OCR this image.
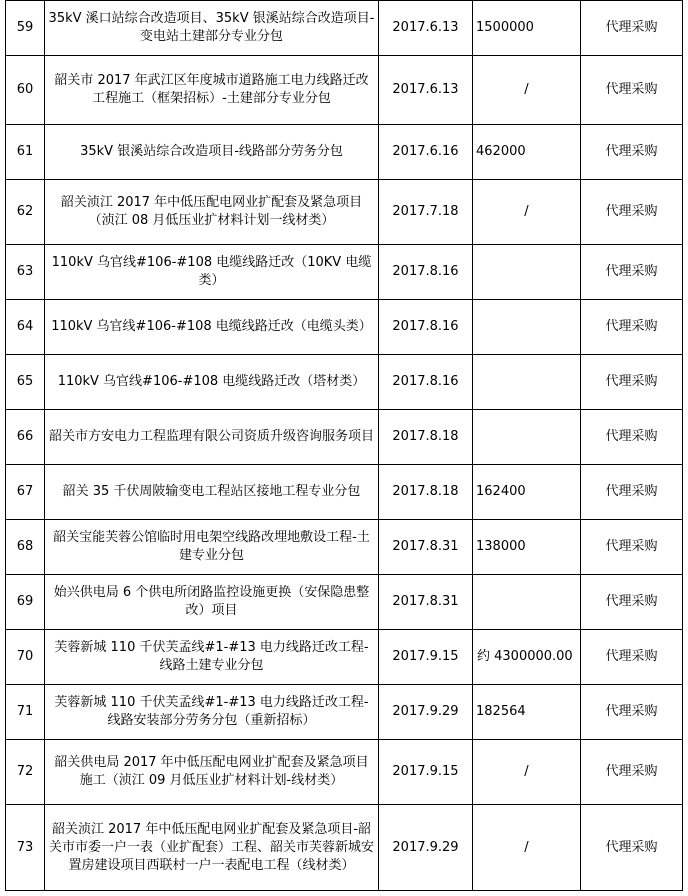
59	35kV 溪口站综合改造项目、35kV 银溪站综合改造项目-变电站土建部分专业分包	2017.6.13	1500000	代理采购
60	韶关市 2017 年武江区年度城市道路施工电力线路迁改工程施工（框架招标）-土建部分专业分包	2017.6.13	/	代理采购
61	35kV 银溪站综合改造项目-线路部分劳务分包	2017.6.16	462000	代理采购
62	韶关浈江 2017 年中低压配电网业扩配套及紧急项目（浈江 08 月低压业扩材料计划一线材类）	2017.7.18	/	代理采购
63	110kV 乌官线#106-#108 电缆线路迁改（10KV 电缆类）	2017.8.16		代理采购
64	110kV 乌官线#106-#108 电缆线路迁改（电缆头类）	2017.8.16		代理采购
65	110kV 乌官线#106-#108 电缆线路迁改（塔材类）	2017.8.16		代理采购
66	韶关市方安电力工程监理有限公司资质升级咨询服务项目	2017.8.18		代理采购
67	韶关 35 千伏周陂输变电工程站区接地工程专业分包	2017.8.18	162400	代理采购
68	韶关宝能芙蓉公馆临时用电架空线路改埋地敷设工程-土建专业分包	2017.8.31	138000	代理采购
69	始兴供电局 6 个供电所闭路监控设施更换（安保隐患整改）项目	2017.8.31		代理采购
70	芙蓉新城 110 千伏芙孟线#1-#13 电力线路迁改工程-线路土建专业分包	2017.9.15	约 4300000.00	代理采购
71	芙蓉新城 110 千伏芙孟线#1-#13 电力线路迁改工程-线路安装部分劳务分包（重新招标）	2017.9.29	182564	代理采购
72	韶关供电局 2017 年中低压配电网业扩配套及紧急项目施工（浈江 09 月低压业扩材料计划-线材类）	2017.9.15	/	代理采购
73	韶关浈江 2017 年中低压配电网业扩配套及紧急项目-韶关市市委一户一表（业扩配套）工程、韶关市芙蓉新城安置房建设项目西联村一户一表配电工程（线材类）	2017.9.29	/	代理采购
